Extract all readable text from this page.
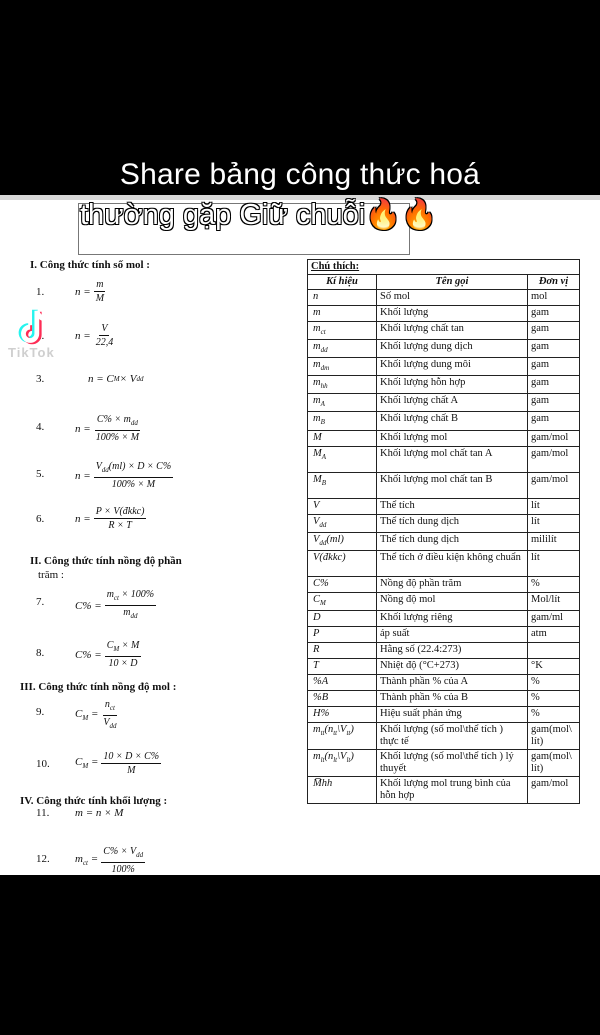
Share bảng công thức hoá
thường gặp Giữ chuỗi🔥🔥
I. Công thức tính số mol :
II. Công thức tính nồng độ phần
trăm :
III. Công thức tính nồng độ mol :
IV. Công thức tính khối lượng :
1.	$n = \frac{m}{M}$
2.	$n = \frac{V}{22,4}$
3.	n = C M × V dd
4.	$n = \frac{C\% \times m_{dd}}{100\% \times M}$
5.	$n = \frac{V_{dd}(ml) \times D \times C\%}{100\% \times M}$
6.	$n = \frac{\text{P × V(đkkc)}}{R \times T}$
7.	$C\% = \frac{m_{ct} \times 100\%}{m_{dd}}$
8.	$C\% = \frac{C_M \times M}{10 \times D}$
9.	$C_M = \frac{n_{ct}}{V_{dd}}$
10. $C_M = \frac{10 \times D \times C\%}{M}$
11. m = n × M
12. $m_{ct} = \frac{C\% \times V_{dd}}{100\%}$
Chú thích:		
Kí hiệu	Tên gọi	Đơn vị
n	Số mol	mol
m	Khối lượng	gam
$m_{ct}$	Khối lượng chất tan	gam
$m_{dd}$	Khối lượng dung dịch	gam
$m_{dm}$	Khối lượng dung môi	gam
$m_{hh}$	Khối lượng hỗn hợp	gam
$m_A$	Khối lượng chất A	gam
$m_B$	Khối lượng chất B	gam
M	Khối lượng mol	gam/mol
$M_A$	Khối lượng mol chất tan A	gam/mol
$M_B$	Khối lượng mol chất tan B	gam/mol
V	Thể tích	lít
$V_{dd}$	Thể tích dung dịch	lít
$V_{dd}(ml)$	Thể tích dung dịch	mililít
V(đkkc)	Thể tích ở điều kiện không chuẩn	lít
C%	Nồng độ phần trăm	%
$C_M$	Nồng độ mol	Mol/lít
D	Khối lượng riêng	gam/ml
P	áp suất	atm
R	Hằng số (22.4:273)	
T	Nhiệt độ (°C+273)	°K
%A	Thành phần % của A	%
%B	Thành phần % của B	%
H%	Hiệu suất phản ứng	%
$m_{tt}(n_{tt}\backslash V_{tt})$	Khối lượng (số mol\thể tích ) thực tế	gam(mol\ lít)
$m_{lt}(n_{lt}\backslash V_{lt})$	Khối lượng (số mol\thể tích ) lý thuyết	gam(mol\ lít)
M̅hh	Khối lượng mol trung bình của hỗn hợp	gam/mol
TikTok
